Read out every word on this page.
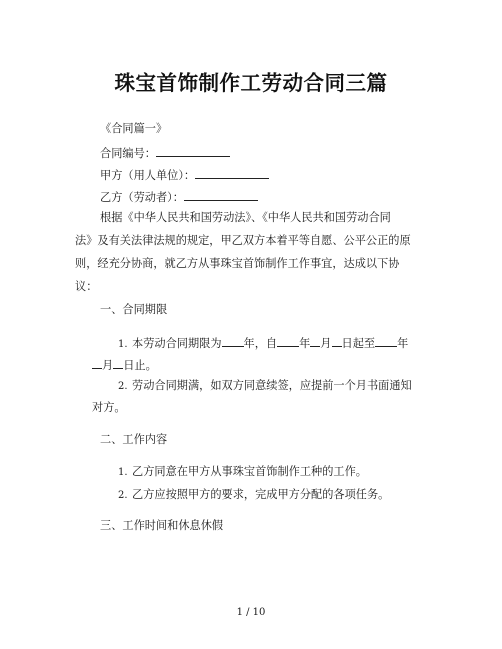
珠宝首饰制作工劳动合同三篇
《合同篇一》
合同编号：
甲方（用人单位）：
乙方（劳动者）：
根据《中华人民共和国劳动法》、《中华人民共和国劳动合同
法》及有关法律法规的规定，甲乙双方本着平等自愿、公平公正的原
则，经充分协商，就乙方从事珠宝首饰制作工作事宜，达成以下协
议：
一、合同期限
1. 本劳动合同期限为 年，自 年 月 日起至 年
月 日止。
2. 劳动合同期满，如双方同意续签，应提前一个月书面通知
对方。
二、工作内容
1. 乙方同意在甲方从事珠宝首饰制作工种的工作。
2. 乙方应按照甲方的要求，完成甲方分配的各项任务。
三、工作时间和休息休假
1 / 10
